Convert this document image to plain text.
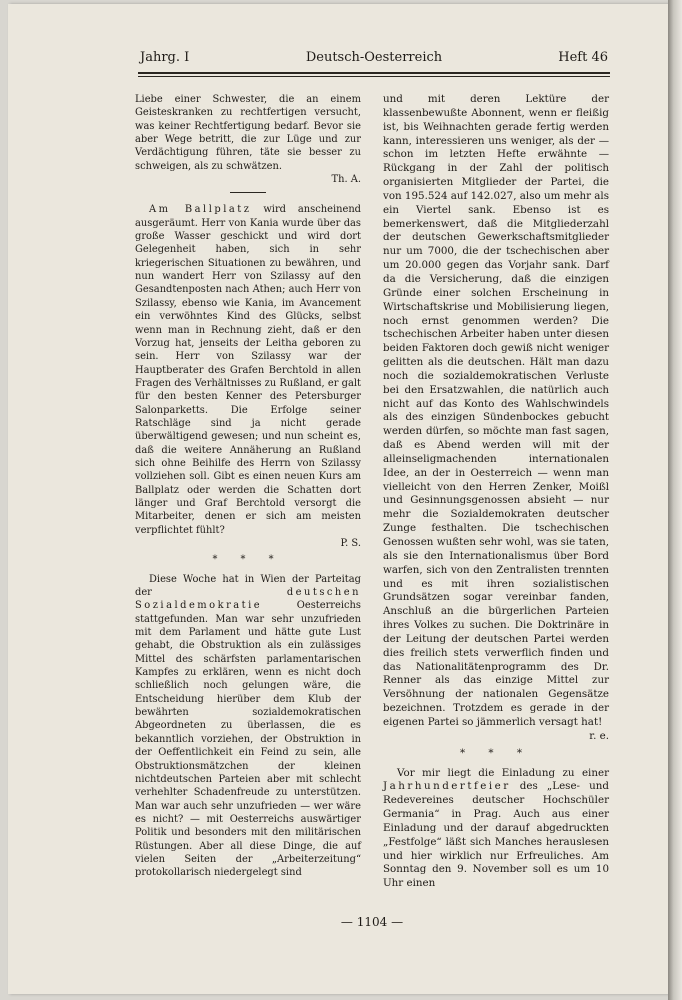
Jahrg. I	Deutsch-Oesterreich	Heft 46

Liebe einer Schwester, die an einem Geisteskranken zu rechtfertigen versucht, was keiner Rechtfertigung bedarf. Bevor sie aber Wege betritt, die zur Lüge und zur Verdächtigung führen, täte sie besser zu schweigen, als zu schwätzen.
Th. A.

Am Ballplatz wird anscheinend ausgeräumt. Herr von Kania wurde über das große Wasser geschickt und wird dort Gelegenheit haben, sich in sehr kriegerischen Situationen zu bewähren, und nun wandert Herr von Szilassy auf den Gesandtenposten nach Athen; auch Herr von Szilassy, ebenso wie Kania, im Avancement ein verwöhntes Kind des Glücks, selbst wenn man in Rechnung zieht, daß er den Vorzug hat, jenseits der Leitha geboren zu sein. Herr von Szilassy war der Hauptberater des Grafen Berchtold in allen Fragen des Verhältnisses zu Rußland, er galt für den besten Kenner des Petersburger Salonparketts. Die Erfolge seiner Ratschläge sind ja nicht gerade überwältigend gewesen; und nun scheint es, daß die weitere Annäherung an Rußland sich ohne Beihilfe des Herrn von Szilassy vollziehen soll. Gibt es einen neuen Kurs am Ballplatz oder werden die Schatten dort länger und Graf Berchtold versorgt die Mitarbeiter, denen er sich am meisten verpflichtet fühlt?
P. S.

* * *

Diese Woche hat in Wien der Parteitag der deutschen Sozialdemokratie Oesterreichs stattgefunden. Man war sehr unzufrieden mit dem Parlament und hätte gute Lust gehabt, die Obstruktion als ein zulässiges Mittel des schärfsten parlamentarischen Kampfes zu erklären, wenn es nicht doch schließlich noch gelungen wäre, die Entscheidung hierüber dem Klub der bewährten sozialdemokratischen Abgeordneten zu überlassen, die es bekanntlich vorziehen, der Obstruktion in der Oeffentlichkeit ein Feind zu sein, alle Obstruktionsmätzchen der kleinen nichtdeutschen Parteien aber mit schlecht verhehlter Schadenfreude zu unterstützen. Man war auch sehr unzufrieden — wer wäre es nicht? — mit Oesterreichs auswärtiger Politik und besonders mit den militärischen Rüstungen. Aber all diese Dinge, die auf vielen Seiten der „Arbeiterzeitung“ protokollarisch niedergelegt sind

und mit deren Lektüre der klassenbewußte Abonnent, wenn er fleißig ist, bis Weihnachten gerade fertig werden kann, interessieren uns weniger, als der — schon im letzten Hefte erwähnte — Rückgang in der Zahl der politisch organisierten Mitglieder der Partei, die von 195.524 auf 142.027, also um mehr als ein Viertel sank. Ebenso ist es bemerkenswert, daß die Mitgliederzahl der deutschen Gewerkschaftsmitglieder nur um 7000, die der tschechischen aber um 20.000 gegen das Vorjahr sank. Darf da die Versicherung, daß die einzigen Gründe einer solchen Erscheinung in Wirtschaftskrise und Mobilisierung liegen, noch ernst genommen werden? Die tschechischen Arbeiter haben unter diesen beiden Faktoren doch gewiß nicht weniger gelitten als die deutschen. Hält man dazu noch die sozialdemokratischen Verluste bei den Ersatzwahlen, die natürlich auch nicht auf das Konto des Wahlschwindels als des einzigen Sündenbockes gebucht werden dürfen, so möchte man fast sagen, daß es Abend werden will mit der alleinseligmachenden internationalen Idee, an der in Oesterreich — wenn man vielleicht von den Herren Zenker, Moißl und Gesinnungsgenossen absieht — nur mehr die Sozialdemokraten deutscher Zunge festhalten. Die tschechischen Genossen wußten sehr wohl, was sie taten, als sie den Internationalismus über Bord warfen, sich von den Zentralisten trennten und es mit ihren sozialistischen Grundsätzen sogar vereinbar fanden, Anschluß an die bürgerlichen Parteien ihres Volkes zu suchen. Die Doktrinäre in der Leitung der deutschen Partei werden dies freilich stets verwerflich finden und das Nationalitätenprogramm des Dr. Renner als das einzige Mittel zur Versöhnung der nationalen Gegensätze bezeichnen. Trotzdem es gerade in der eigenen Partei so jämmerlich versagt hat!
r. e.

* * *

Vor mir liegt die Einladung zu einer Jahrhundertfeier des „Lese- und Redevereines deutscher Hochschüler Germania“ in Prag. Auch aus einer Einladung und der darauf abgedruckten „Festfolge“ läßt sich Manches herauslesen und hier wirklich nur Erfreuliches. Am Sonntag den 9. November soll es um 10 Uhr einen

— 1104 —
